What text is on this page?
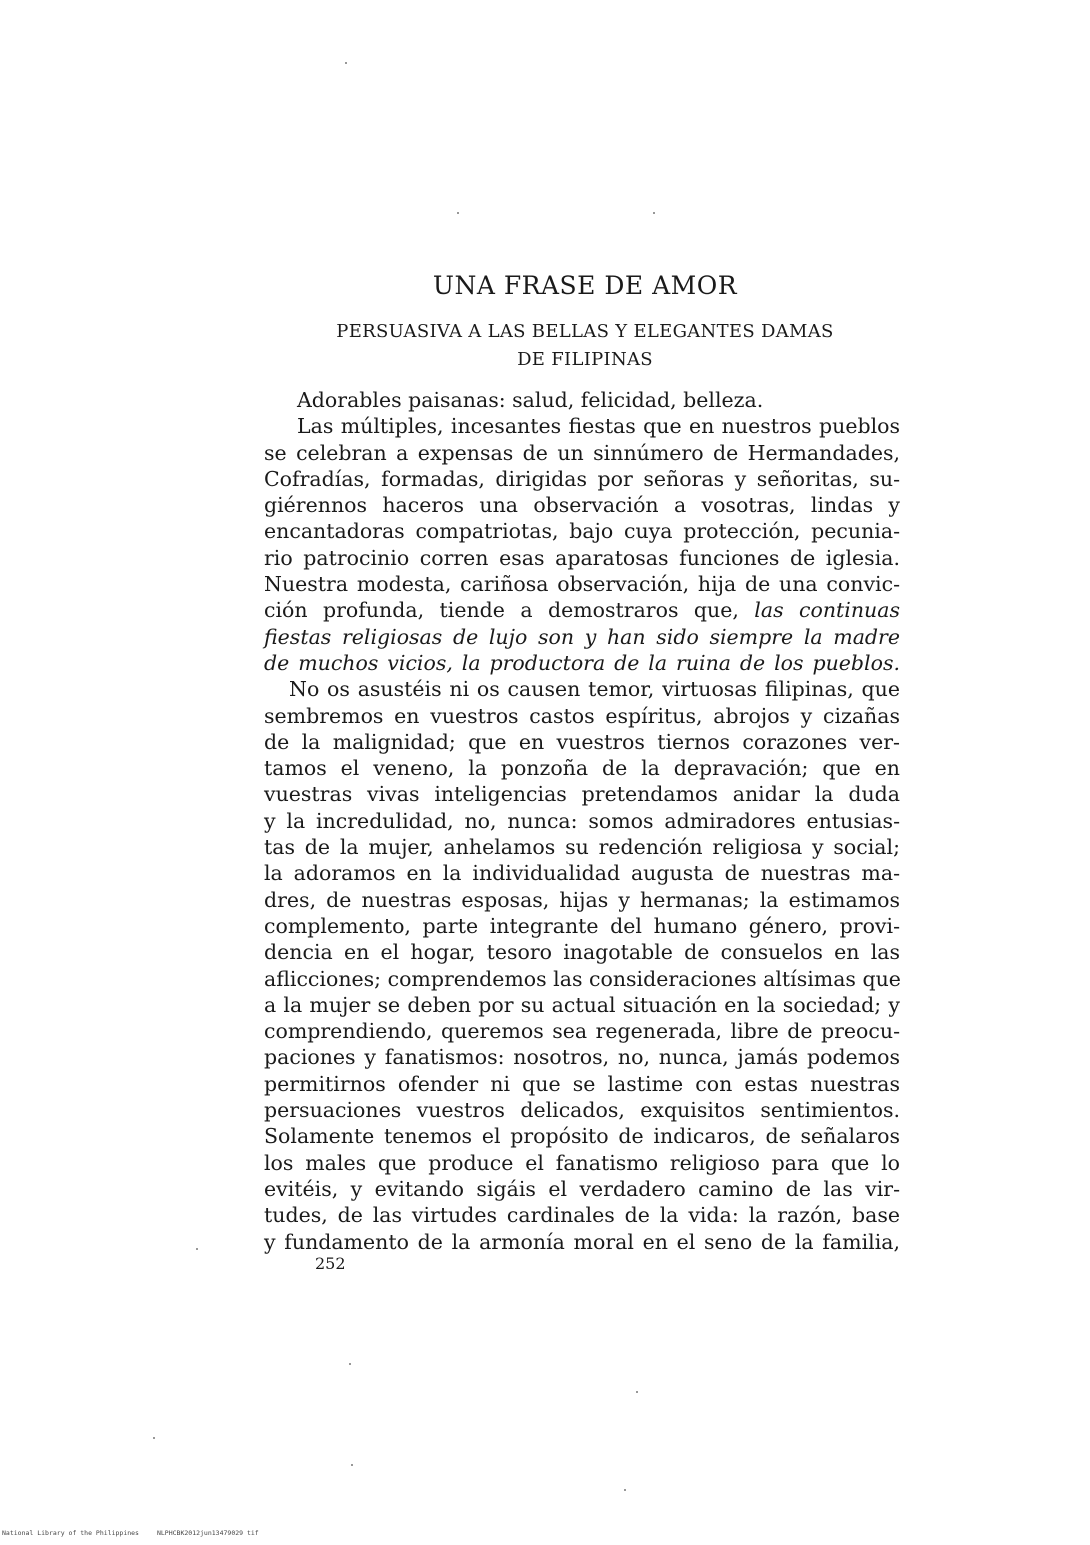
UNA FRASE DE AMOR
PERSUASIVA A LAS BELLAS Y ELEGANTES DAMAS
DE FILIPINAS
Adorables paisanas: salud, felicidad, belleza.
Las múltiples, incesantes fiestas que en nuestros pueblos
se celebran a expensas de un sinnúmero de Hermandades,
Cofradías, formadas, dirigidas por señoras y señoritas, su-
giérennos haceros una observación a vosotras, lindas y
encantadoras compatriotas, bajo cuya protección, pecunia-
rio patrocinio corren esas aparatosas funciones de iglesia.
Nuestra modesta, cariñosa observación, hija de una convic-
ción profunda, tiende a demostraros que, las continuas
fiestas religiosas de lujo son y han sido siempre la madre
de muchos vicios, la productora de la ruina de los pueblos.
No os asustéis ni os causen temor, virtuosas filipinas, que
sembremos en vuestros castos espíritus, abrojos y cizañas
de la malignidad; que en vuestros tiernos corazones ver-
tamos el veneno, la ponzoña de la depravación; que en
vuestras vivas inteligencias pretendamos anidar la duda
y la incredulidad, no, nunca: somos admiradores entusias-
tas de la mujer, anhelamos su redención religiosa y social;
la adoramos en la individualidad augusta de nuestras ma-
dres, de nuestras esposas, hijas y hermanas; la estimamos
complemento, parte integrante del humano género, provi-
dencia en el hogar, tesoro inagotable de consuelos en las
aflicciones; comprendemos las consideraciones altísimas que
a la mujer se deben por su actual situación en la sociedad; y
comprendiendo, queremos sea regenerada, libre de preocu-
paciones y fanatismos: nosotros, no, nunca, jamás podemos
permitirnos ofender ni que se lastime con estas nuestras
persuaciones vuestros delicados, exquisitos sentimientos.
Solamente tenemos el propósito de indicaros, de señalaros
los males que produce el fanatismo religioso para que lo
evitéis, y evitando sigáis el verdadero camino de las vir-
tudes, de las virtudes cardinales de la vida: la razón, base
y fundamento de la armonía moral en el seno de la familia,
252
National Library of the Philippines	NLPHCBK2012jun13479029 tif
